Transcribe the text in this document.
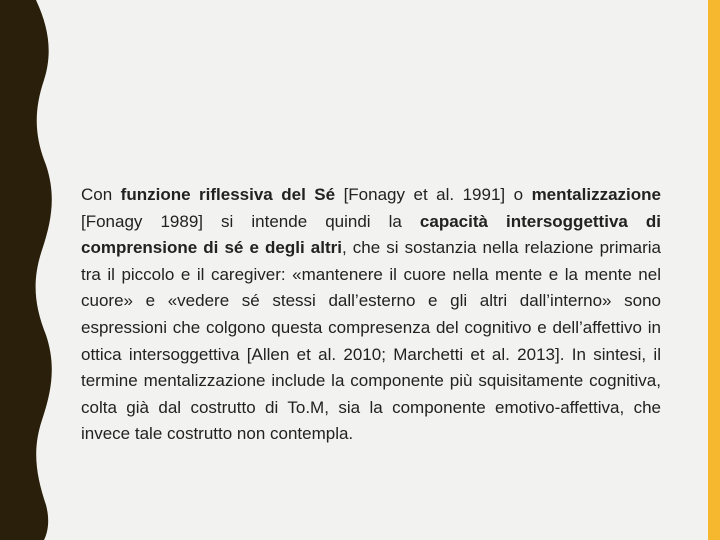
Con funzione riflessiva del Sé [Fonagy et al. 1991] o mentalizzazione [Fonagy 1989] si intende quindi la capacità intersoggettiva di comprensione di sé e degli altri, che si sostanzia nella relazione primaria tra il piccolo e il caregiver: «mantenere il cuore nella mente e la mente nel cuore» e «vedere sé stessi dall’esterno e gli altri dall’interno» sono espressioni che colgono questa compresenza del cognitivo e dell’affettivo in ottica intersoggettiva [Allen et al. 2010; Marchetti et al. 2013]. In sintesi, il termine mentalizzazione include la componente più squisitamente cognitiva, colta già dal costrutto di To.M, sia la componente emotivo-affettiva, che invece tale costrutto non contempla.
